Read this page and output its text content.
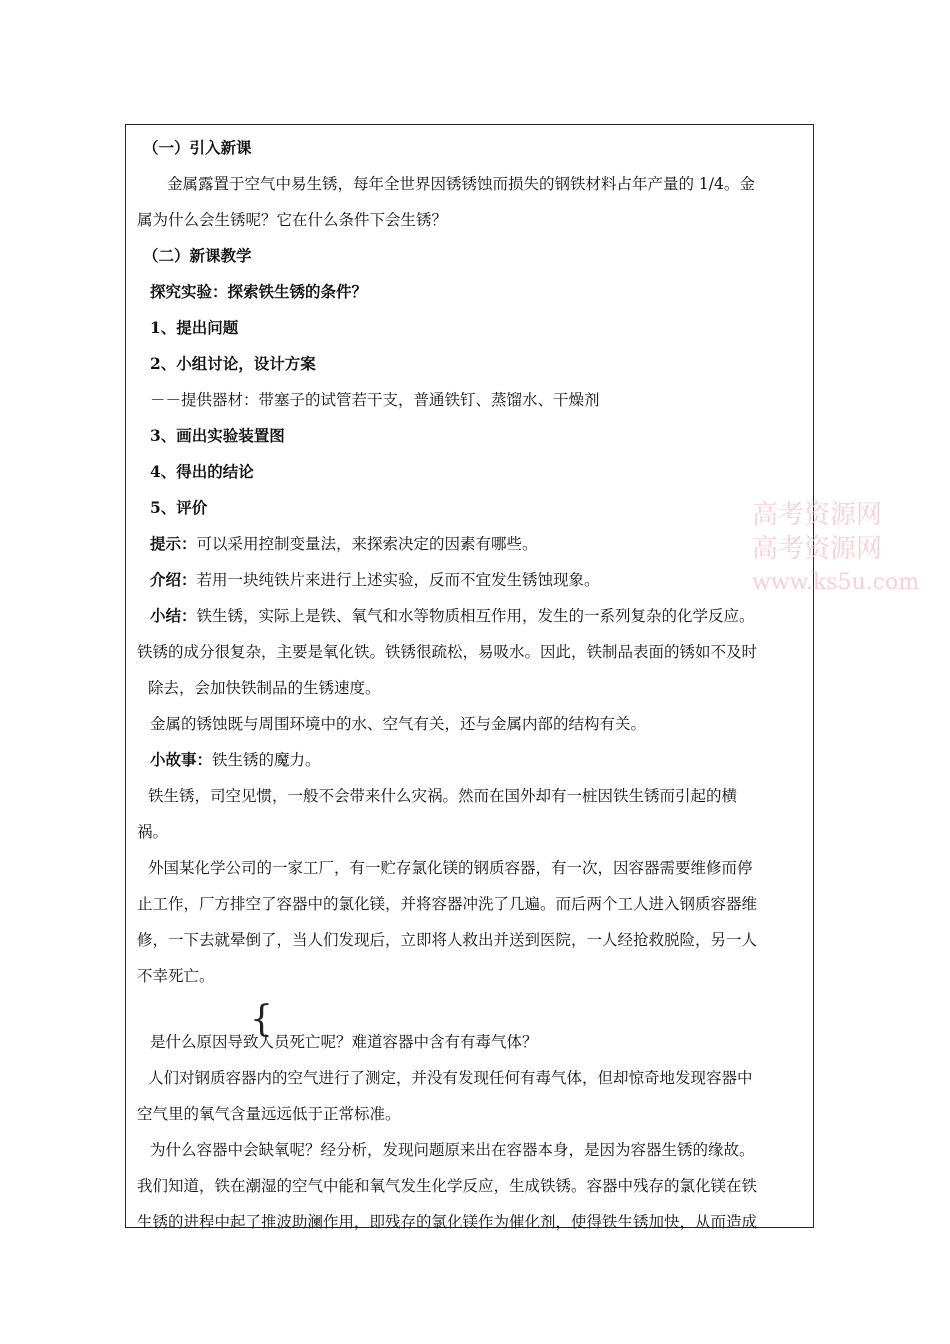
（一）引入新课
金属露置于空气中易生锈，每年全世界因锈锈蚀而损失的钢铁材料占年产量的 1/4。金
属为什么会生锈呢？它在什么条件下会生锈？
（二）新课教学
探究实验：探索铁生锈的条件？
1、提出问题
2、小组讨论，设计方案
－－提供器材：带塞子的试管若干支，普通铁钉、蒸馏水、干燥剂
3、画出实验装置图
4、得出的结论
5、评价
提示：可以采用控制变量法，来探索决定的因素有哪些。
介绍：若用一块纯铁片来进行上述实验，反而不宜发生锈蚀现象。
小结：铁生锈，实际上是铁、氧气和水等物质相互作用，发生的一系列复杂的化学反应。
铁锈的成分很复杂，主要是氧化铁。铁锈很疏松，易吸水。因此，铁制品表面的锈如不及时
除去，会加快铁制品的生锈速度。
金属的锈蚀既与周围环境中的水、空气有关，还与金属内部的结构有关。
小故事：铁生锈的魔力。
铁生锈，司空见惯，一般不会带来什么灾祸。然而在国外却有一桩因铁生锈而引起的横
祸。
外国某化学公司的一家工厂，有一贮存氯化镁的钢质容器，有一次，因容器需要维修而停
止工作，厂方排空了容器中的氯化镁，并将容器冲洗了几遍。而后两个工人进入钢质容器维
修，一下去就晕倒了，当人们发现后，立即将人救出并送到医院，一人经抢救脱险，另一人
不幸死亡。
是什么原因导致人员死亡呢？难道容器中含有有毒气体？
人们对钢质容器内的空气进行了测定，并没有发现任何有毒气体，但却惊奇地发现容器中
空气里的氧气含量远远低于正常标准。
为什么容器中会缺氧呢？经分析，发现问题原来出在容器本身，是因为容器生锈的缘故。
我们知道，铁在潮湿的空气中能和氧气发生化学反应，生成铁锈。容器中残存的氯化镁在铁
生锈的进程中起了推波助澜作用，即残存的氯化镁作为催化剂，使得铁生锈加快，从而造成
{
高考资源网
高考资源网
www.ks5u.com
